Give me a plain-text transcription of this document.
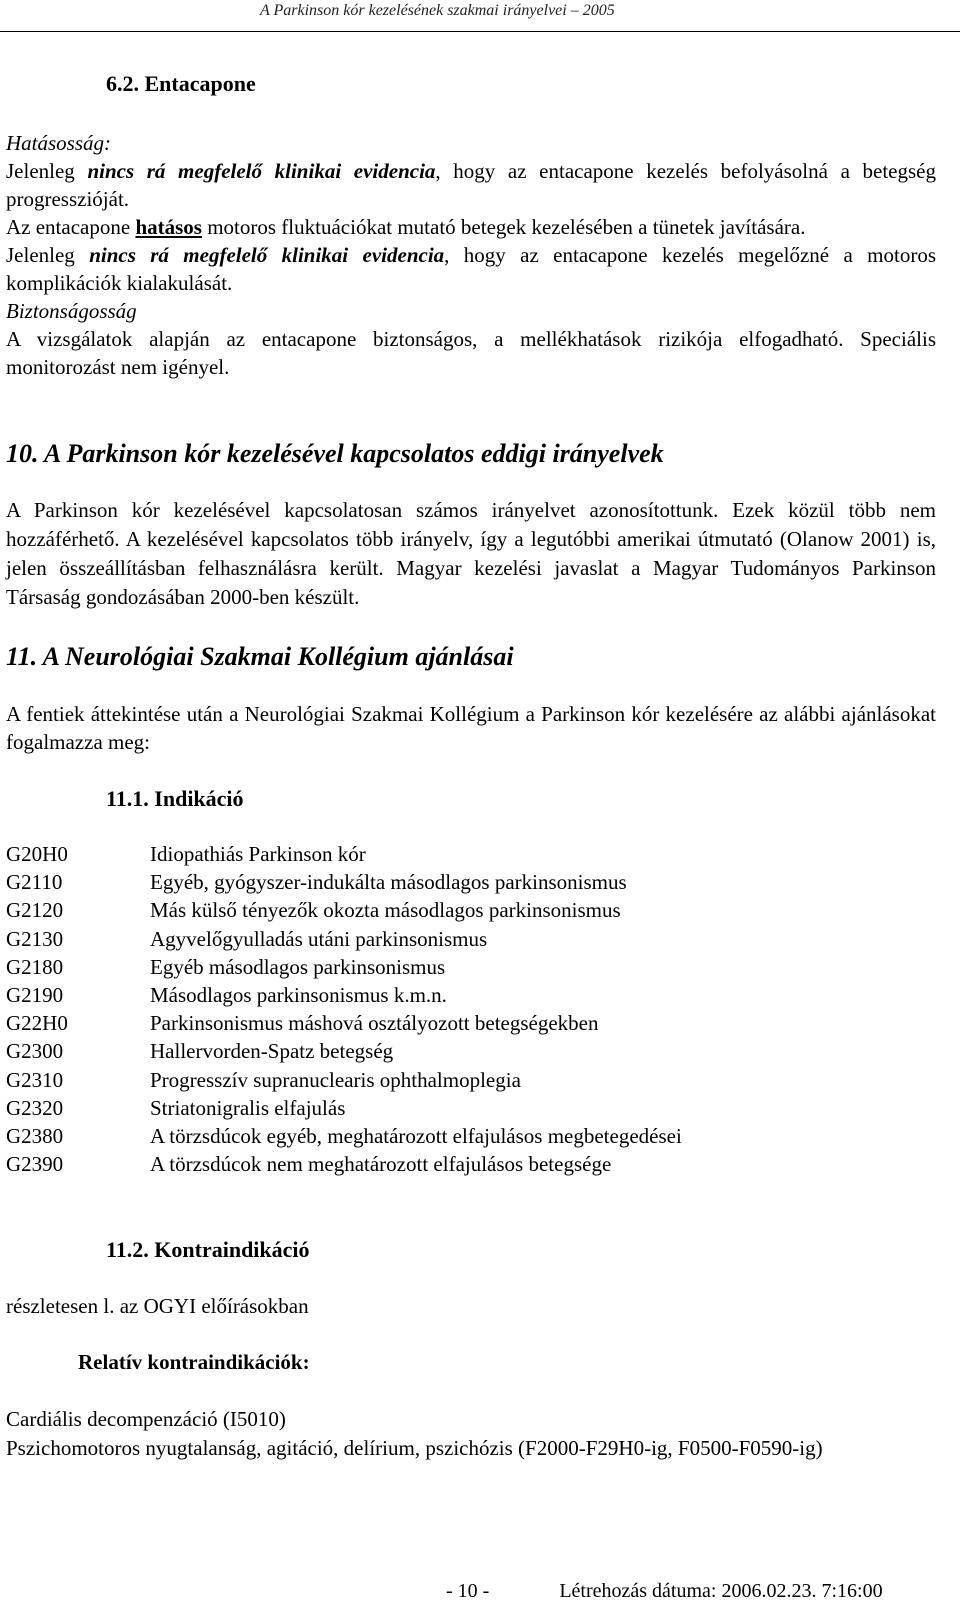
A Parkinson kór kezelésének szakmai irányelvei – 2005
6.2. Entacapone
Hatásosság:
Jelenleg nincs rá megfelelő klinikai evidencia, hogy az entacapone kezelés befolyásolná a betegség progresszióját.
Az entacapone hatásos motoros fluktuációkat mutató betegek kezelésében a tünetek javítására.
Jelenleg nincs rá megfelelő klinikai evidencia, hogy az entacapone kezelés megelőzné a motoros komplikációk kialakulását.
Biztonságosság
A vizsgálatok alapján az entacapone biztonságos, a mellékhatások rizikója elfogadható. Speciális monitorozást nem igényel.
10. A Parkinson kór kezelésével kapcsolatos eddigi irányelvek
A Parkinson kór kezelésével kapcsolatosan számos irányelvet azonosítottunk. Ezek közül több nem hozzáférhető. A kezelésével kapcsolatos több irányelv, így a legutóbbi amerikai útmutató (Olanow 2001) is, jelen összeállításban felhasználásra került. Magyar kezelési javaslat a Magyar Tudományos Parkinson Társaság gondozásában 2000-ben készült.
11. A Neurológiai Szakmai Kollégium ajánlásai
A fentiek áttekintése után a Neurológiai Szakmai Kollégium a Parkinson kór kezelésére az alábbi ajánlásokat fogalmazza meg:
11.1. Indikáció
G20H0	Idiopathiás Parkinson kór
G2110	Egyéb, gyógyszer-indukálta másodlagos parkinsonismus
G2120	Más külső tényezők okozta másodlagos parkinsonismus
G2130	Agyvelőgyulladás utáni parkinsonismus
G2180	Egyéb másodlagos parkinsonismus
G2190	Másodlagos parkinsonismus k.m.n.
G22H0	Parkinsonismus máshová osztályozott betegségekben
G2300	Hallervorden-Spatz betegség
G2310	Progresszív supranuclearis ophthalmoplegia
G2320	Striatonigralis elfajulás
G2380	A törzsdúcok egyéb, meghatározott elfajulásos megbetegedései
G2390	A törzsdúcok nem meghatározott elfajulásos betegsége
11.2. Kontraindikáció
részletesen l. az OGYI előírásokban
Relatív kontraindikációk:
Cardiális decompenzáció (I5010)
Pszichomotoros nyugtalanság, agitáció, delírium, pszichózis (F2000-F29H0-ig, F0500-F0590-ig)
- 10 -	Létrehozás dátuma: 2006.02.23. 7:16:00
